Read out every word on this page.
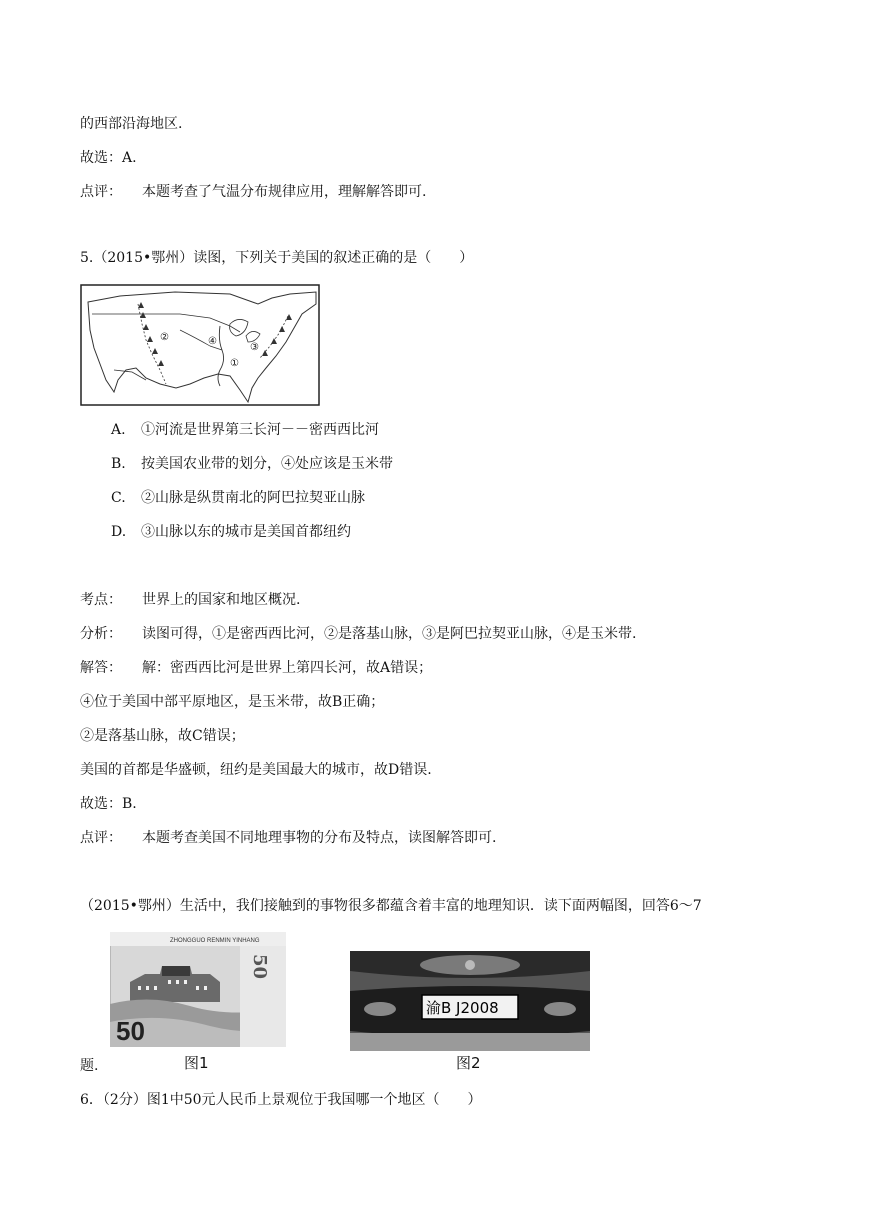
的西部沿海地区.
故选：A.
点评： 本题考查了气温分布规律应用，理解解答即可.
5.（2015•鄂州）读图，下列关于美国的叙述正确的是（　　）
②	④
①
③
A. ①河流是世界第三长河－－密西西比河
B. 按美国农业带的划分，④处应该是玉米带
C. ②山脉是纵贯南北的阿巴拉契亚山脉
D. ③山脉以东的城市是美国首都纽约
考点： 世界上的国家和地区概况.
分析： 读图可得，①是密西西比河，②是落基山脉，③是阿巴拉契亚山脉，④是玉米带.
解答： 解：密西西比河是世界上第四长河，故A错误；
④位于美国中部平原地区，是玉米带，故B正确；
②是落基山脉，故C错误；
美国的首都是华盛顿，纽约是美国最大的城市，故D错误.
故选：B.
点评： 本题考查美国不同地理事物的分布及特点，读图解答即可.
（2015•鄂州）生活中，我们接触到的事物很多都蕴含着丰富的地理知识．读下面两幅图，回答6～7
ZHONGGUO RENMIN YINHANG
50
50
图1
渝B J2008
图2
题.
6．（2分）图1中50元人民币上景观位于我国哪一个地区（　　）
